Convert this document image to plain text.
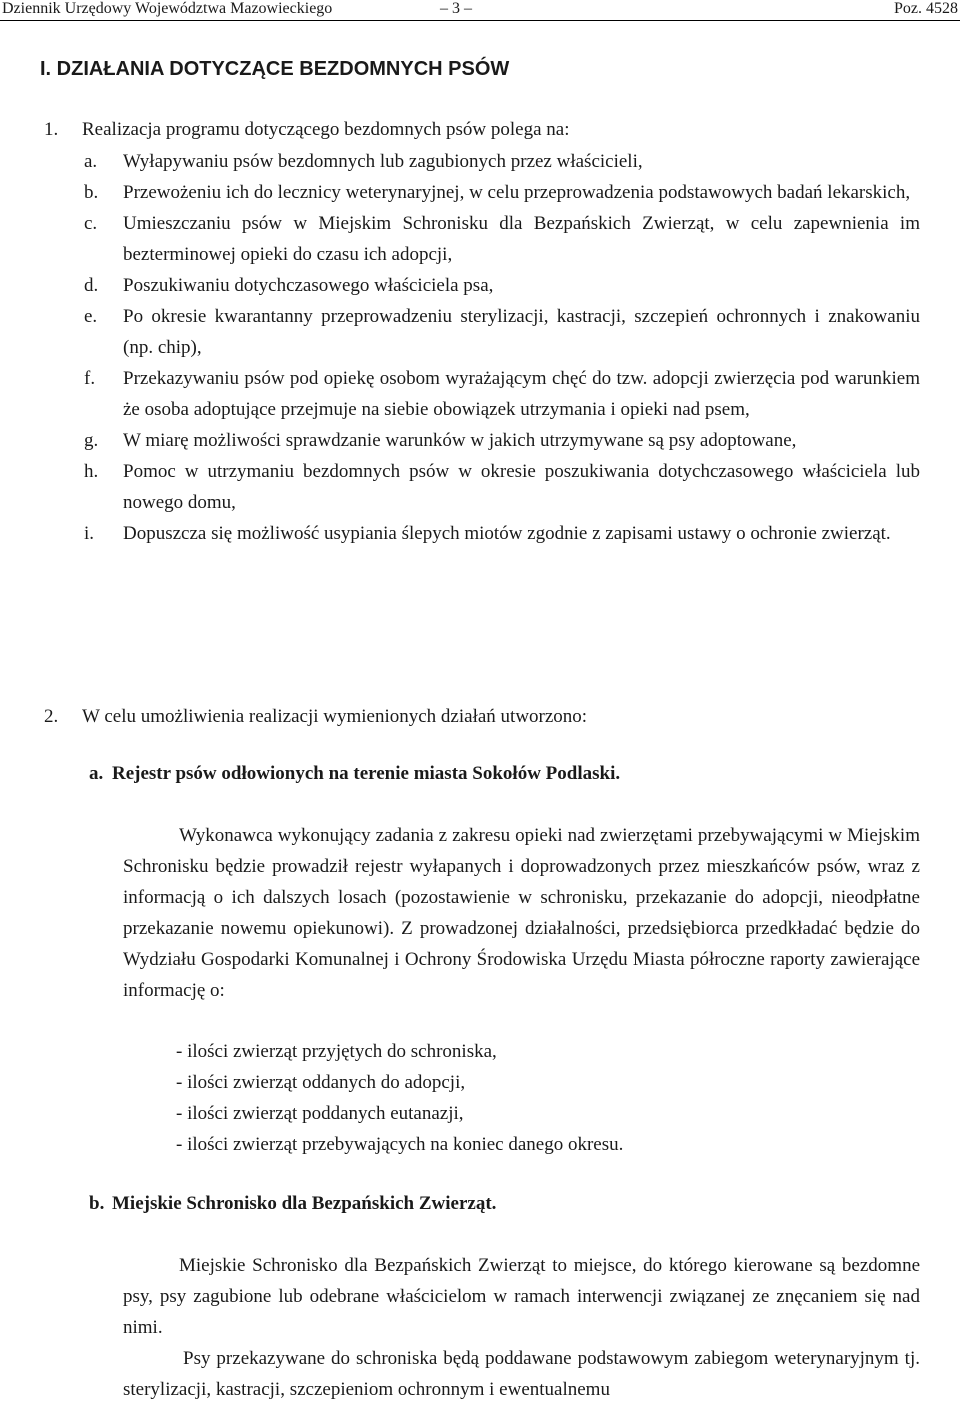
Dziennik Urzędowy Województwa Mazowieckiego	– 3 –	Poz. 4528
I. DZIAŁANIA DOTYCZĄCE BEZDOMNYCH PSÓW
1. Realizacja programu dotyczącego bezdomnych psów polega na:
a. Wyłapywaniu psów bezdomnych lub zagubionych przez właścicieli,
b. Przewożeniu ich do lecznicy weterynaryjnej, w celu przeprowadzenia podstawowych badań lekarskich,
c. Umieszczaniu psów w Miejskim Schronisku dla Bezpańskich Zwierząt, w celu zapewnienia im bezterminowej opieki do czasu ich adopcji,
d. Poszukiwaniu dotychczasowego właściciela psa,
e. Po okresie kwarantanny przeprowadzeniu sterylizacji, kastracji, szczepień ochronnych i znakowaniu (np. chip),
f. Przekazywaniu psów pod opiekę osobom wyrażającym chęć do tzw. adopcji zwierzęcia pod warunkiem że osoba adoptujące przejmuje na siebie obowiązek utrzymania i opieki nad psem,
g. W miarę możliwości sprawdzanie warunków w jakich utrzymywane są psy adoptowane,
h. Pomoc w utrzymaniu bezdomnych psów w okresie poszukiwania dotychczasowego właściciela lub nowego domu,
i. Dopuszcza się możliwość usypiania ślepych miotów zgodnie z zapisami ustawy o ochronie zwierząt.
2. W celu umożliwienia realizacji wymienionych działań utworzono:
a. Rejestr psów odłowionych na terenie miasta Sokołów Podlaski.
Wykonawca wykonujący zadania z zakresu opieki nad zwierzętami przebywającymi w Miejskim Schronisku będzie prowadził rejestr wyłapanych i doprowadzonych przez mieszkańców psów, wraz z informacją o ich dalszych losach (pozostawienie w schronisku, przekazanie do adopcji, nieodpłatne przekazanie nowemu opiekunowi). Z prowadzonej działalności, przedsiębiorca przedkładać będzie do Wydziału Gospodarki Komunalnej i Ochrony Środowiska Urzędu Miasta półroczne raporty zawierające informację o:
- ilości zwierząt przyjętych do schroniska,
- ilości zwierząt oddanych do adopcji,
- ilości zwierząt poddanych eutanazji,
- ilości zwierząt przebywających na koniec danego okresu.
b. Miejskie Schronisko dla Bezpańskich Zwierząt.
Miejskie Schronisko dla Bezpańskich Zwierząt to miejsce, do którego kierowane są bezdomne psy, psy zagubione lub odebrane właścicielom w ramach interwencji związanej ze znęcaniem się nad nimi.
Psy przekazywane do schroniska będą poddawane podstawowym zabiegom weterynaryjnym tj. sterylizacji, kastracji, szczepieniom ochronnym i ewentualnemu
